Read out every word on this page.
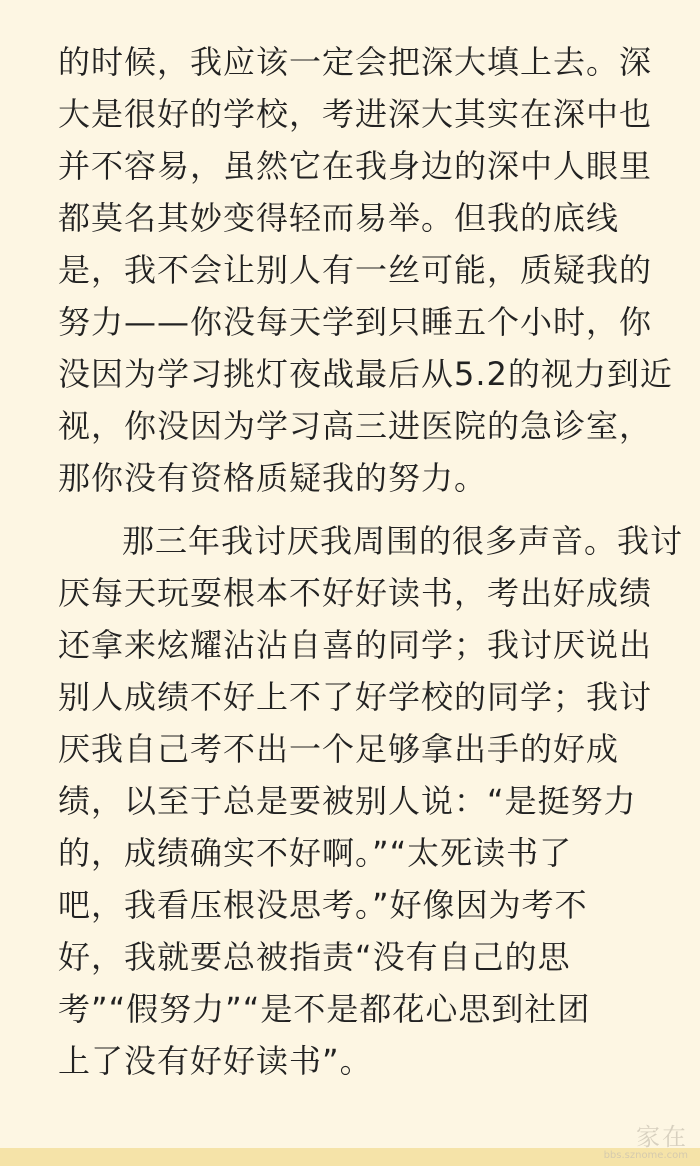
的时候，我应该一定会把深大填上去。深
大是很好的学校，考进深大其实在深中也
并不容易，虽然它在我身边的深中人眼里
都莫名其妙变得轻而易举。但我的底线
是，我不会让别人有一丝可能，质疑我的
努力——你没每天学到只睡五个小时，你
没因为学习挑灯夜战最后从5.2的视力到近
视，你没因为学习高三进医院的急诊室，
那你没有资格质疑我的努力。
那三年我讨厌我周围的很多声音。我讨
厌每天玩耍根本不好好读书，考出好成绩
还拿来炫耀沾沾自喜的同学；我讨厌说出
别人成绩不好上不了好学校的同学；我讨
厌我自己考不出一个足够拿出手的好成
绩，以至于总是要被别人说：“是挺努力
的，成绩确实不好啊。”“太死读书了
吧，我看压根没思考。”好像因为考不
好，我就要总被指责“没有自己的思
考”“假努力”“是不是都花心思到社团
上了没有好好读书”。
家在
bbs.sznome.com
